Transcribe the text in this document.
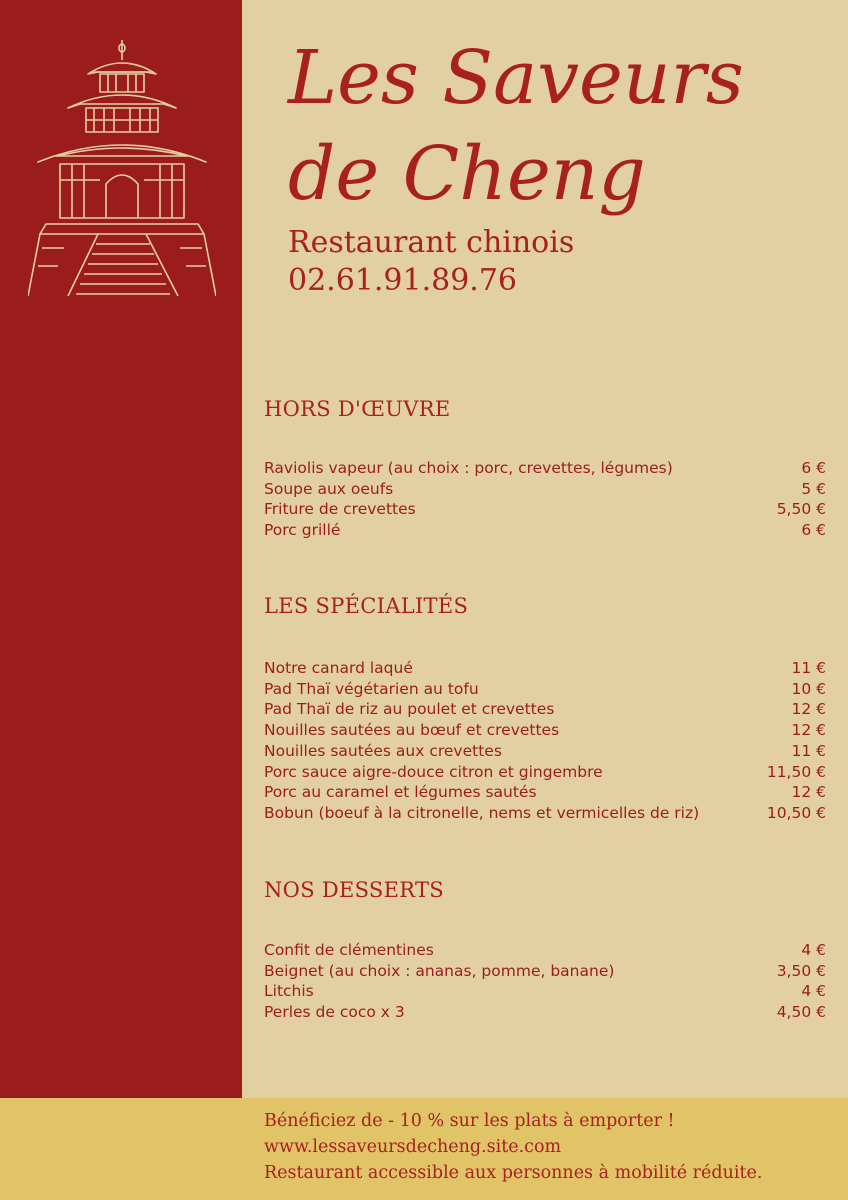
Les Saveurs
de Cheng
Restaurant chinois
02.61.91.89.76
HORS D'ŒUVRE
Raviolis vapeur (au choix : porc, crevettes, légumes)	6 €
Soupe aux oeufs	5 €
Friture de crevettes	5,50 €
Porc grillé	6 €
LES SPÉCIALITÉS
Notre canard laqué	11 €
Pad Thaï végétarien au tofu	10 €
Pad Thaï de riz au poulet et crevettes	12 €
Nouilles sautées au bœuf et crevettes	12 €
Nouilles sautées aux crevettes	11 €
Porc sauce aigre-douce citron et gingembre	11,50 €
Porc au caramel et légumes sautés	12 €
Bobun (boeuf à la citronelle, nems et vermicelles de riz)	10,50 €
NOS DESSERTS
Confit de clémentines	4 €
Beignet (au choix : ananas, pomme, banane)	3,50 €
Litchis	4 €
Perles de coco x 3	4,50 €
Bénéficiez de - 10 % sur les plats à emporter !
www.lessaveursdecheng.site.com
Restaurant accessible aux personnes à mobilité réduite.
